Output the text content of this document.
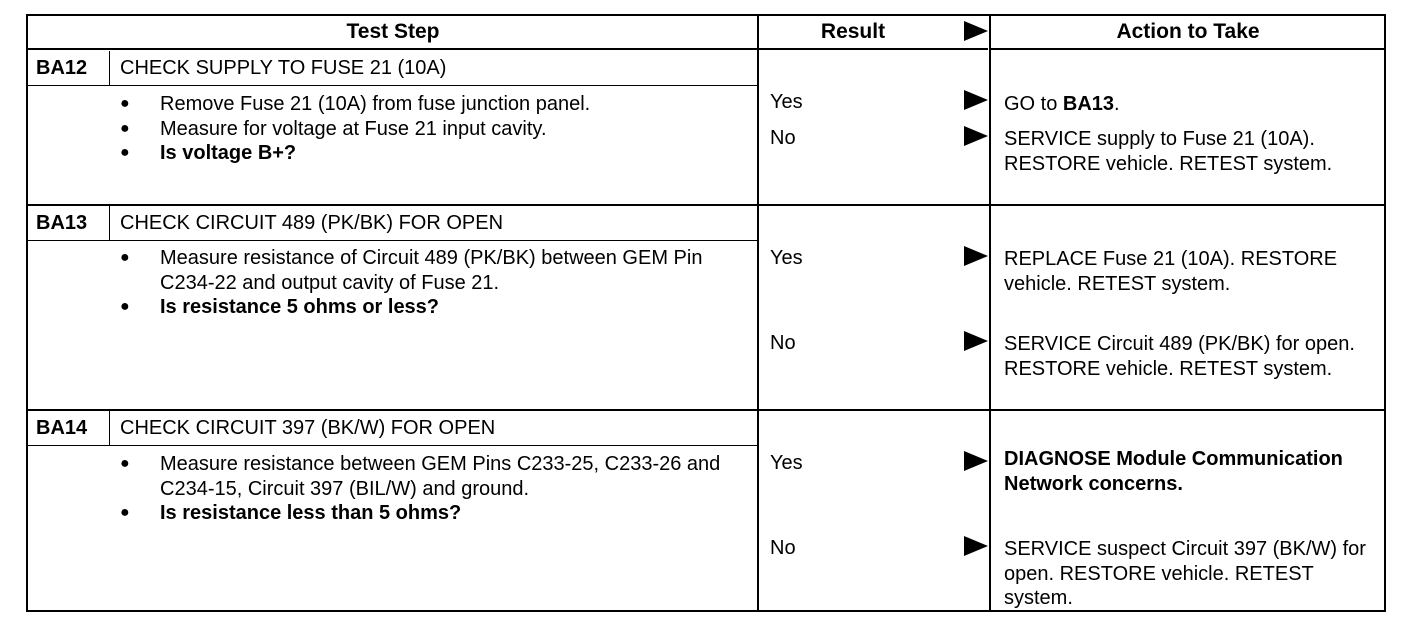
Test Step	Result	Action to Take
BA12	CHECK SUPPLY TO FUSE 21 (10A)
● Remove Fuse 21 (10A) from fuse junction panel.
● Measure for voltage at Fuse 21 input cavity.
● Is voltage B+?
Yes	GO to BA13.
No	SERVICE supply to Fuse 21 (10A). RESTORE vehicle. RETEST system.
BA13	CHECK CIRCUIT 489 (PK/BK) FOR OPEN
● Measure resistance of Circuit 489 (PK/BK) between GEM Pin C234-22 and output cavity of Fuse 21.
● Is resistance 5 ohms or less?
Yes	REPLACE Fuse 21 (10A). RESTORE vehicle. RETEST system.
No	SERVICE Circuit 489 (PK/BK) for open. RESTORE vehicle. RETEST system.
BA14	CHECK CIRCUIT 397 (BK/W) FOR OPEN
● Measure resistance between GEM Pins C233-25, C233-26 and C234-15, Circuit 397 (BIL/W) and ground.
● Is resistance less than 5 ohms?
Yes	DIAGNOSE Module Communication Network concerns.
No	SERVICE suspect Circuit 397 (BK/W) for open. RESTORE vehicle. RETEST system.
